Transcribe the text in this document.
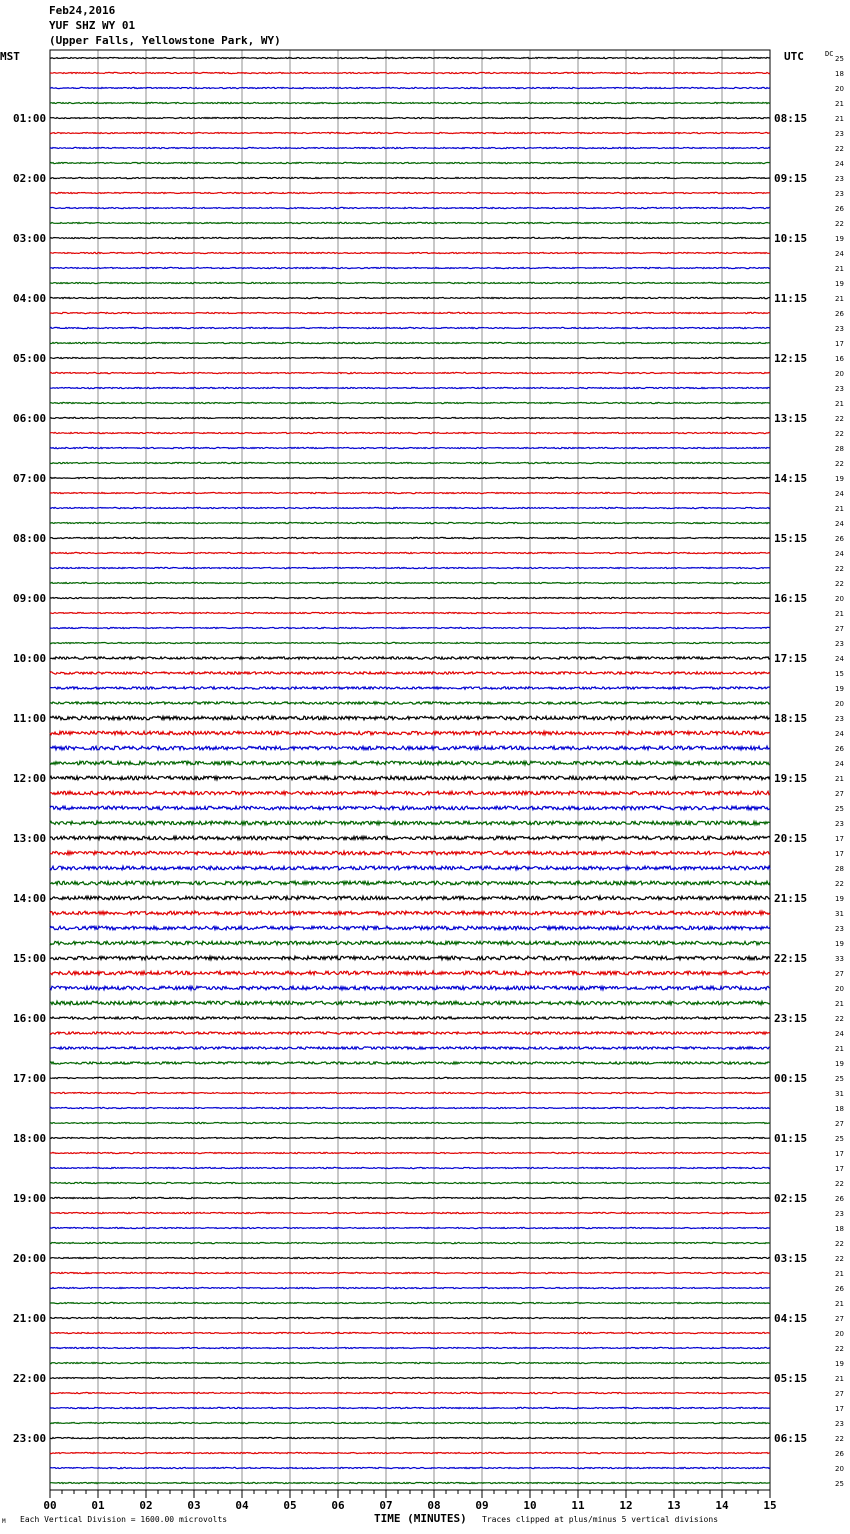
Feb24,2016
YUF SHZ WY 01
(Upper Falls, Yellowstone Park, WY)
MST	UTC	DC
25
18
20
21
21
23
22
24
23
23
26
22
19
24
21
19
21
26
23
17
16
20
23
21
22
22
28
22
19
24
21
24
26
24
22
22
20
21
27
23
24
15
19
20
23
24
26
24
21
27
25
23
17
17
28
22
19
31
23
19
33
27
20
21
22
24
21
19
25
31
18
27
25
17
17
22
26
23
18
22
22
21
26
21
27
20
22
19
21
27
17
23
22
26
20
25
01:00	08:15
02:00	09:15
03:00	10:15
04:00	11:15
05:00	12:15
06:00	13:15
07:00	14:15
08:00	15:15
09:00	16:15
10:00	17:15
11:00	18:15
12:00	19:15
13:00	20:15
14:00	21:15
15:00	22:15
16:00	23:15
17:00	00:15
18:00	01:15
19:00	02:15
20:00	03:15
21:00	04:15
22:00	05:15
23:00	06:15
00	01	02	03	04	05	06	07	08	09	10	11	12	13	14	15
TIME (MINUTES)
M Each Vertical Division = 1600.00 microvolts	Traces clipped at plus/minus 5 vertical divisions
